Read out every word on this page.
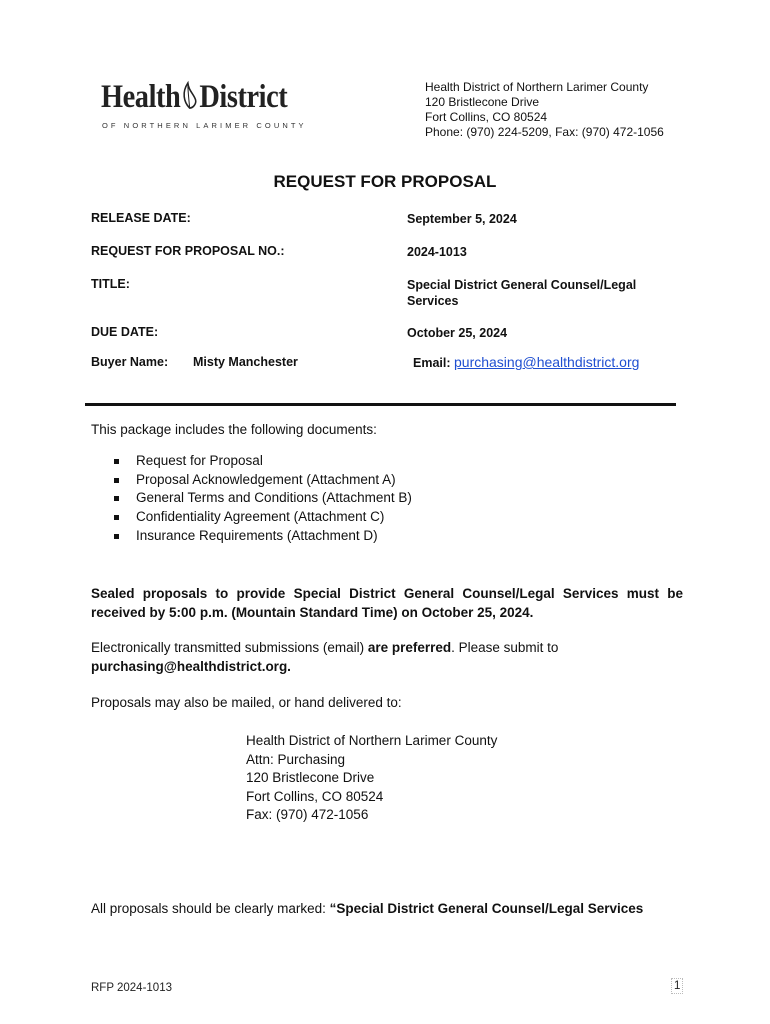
Health District
OF NORTHERN LARIMER COUNTY
Health District of Northern Larimer County
120 Bristlecone Drive
Fort Collins, CO 80524
Phone: (970) 224-5209, Fax: (970) 472-1056
REQUEST FOR PROPOSAL
RELEASE DATE:	September 5, 2024
REQUEST FOR PROPOSAL NO.:	2024-1013
TITLE:	Special District General Counsel/Legal Services
DUE DATE:	October 25, 2024
Buyer Name: Misty Manchester	Email: purchasing@healthdistrict.org
This package includes the following documents:
Request for Proposal
Proposal Acknowledgement (Attachment A)
General Terms and Conditions (Attachment B)
Confidentiality Agreement (Attachment C)
Insurance Requirements (Attachment D)
Sealed proposals to provide Special District General Counsel/Legal Services must be received by 5:00 p.m. (Mountain Standard Time) on October 25, 2024.
Electronically transmitted submissions (email) are preferred. Please submit to
purchasing@healthdistrict.org.
Proposals may also be mailed, or hand delivered to:
Health District of Northern Larimer County
Attn: Purchasing
120 Bristlecone Drive
Fort Collins, CO 80524
Fax: (970) 472-1056
All proposals should be clearly marked: “Special District General Counsel/Legal Services
RFP 2024-1013	1
